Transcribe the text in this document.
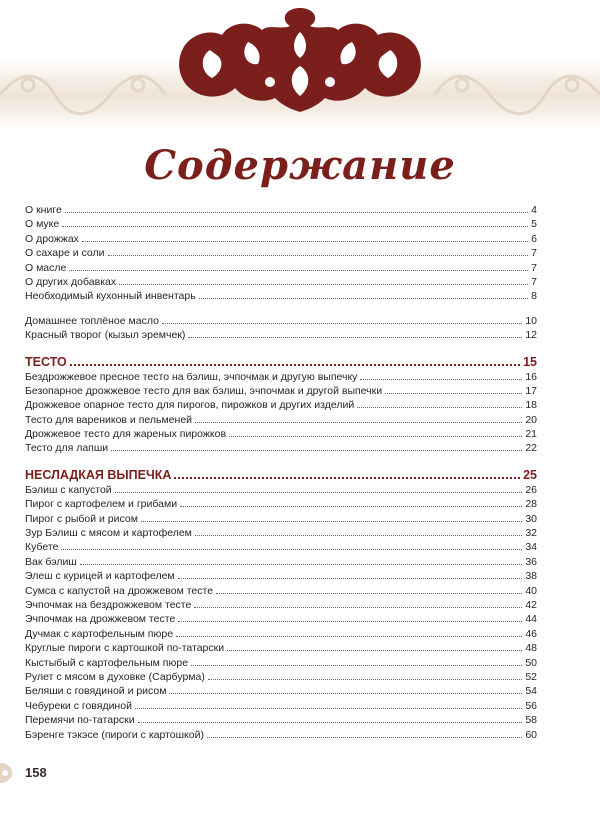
Содержание
О книге	4
О муке	5
О дрожжах	6
О сахаре и соли	7
О масле	7
О других добавках	7
Необходимый кухонный инвентарь	8
Домашнее топлёное масло	10
Красный творог (кызыл эремчек)	12
ТЕСТО	15
Бездрожжевое пресное тесто на бэлиш, эчпочмак и другую выпечку	16
Безопарное дрожжевое тесто для вак бэлиш, эчпочмак и другой выпечки	17
Дрожжевое опарное тесто для пирогов, пирожков и других изделий	18
Тесто для вареников и пельменей	20
Дрожжевое тесто для жареных пирожков	21
Тесто для лапши	22
НЕСЛАДКАЯ ВЫПЕЧКА	25
Бэлиш с капустой	26
Пирог с картофелем и грибами	28
Пирог с рыбой и рисом	30
Зур Бэлиш с мясом и картофелем	32
Кубете	34
Вак бэлиш	36
Элеш с курицей и картофелем	38
Сумса с капустой на дрожжевом тесте	40
Эчпочмак на бездрожжевом тесте	42
Эчпочмак на дрожжевом тесте	44
Дучмак с картофельным пюре	46
Круглые пироги с картошкой по-татарски	48
Кыстыбый с картофельным пюре	50
Рулет с мясом в духовке (Сарбурма)	52
Беляши с говядиной и рисом	54
Чебуреки с говядиной	56
Перемячи по-татарски	58
Бэренге тэкэсе (пироги с картошкой)	60
158
